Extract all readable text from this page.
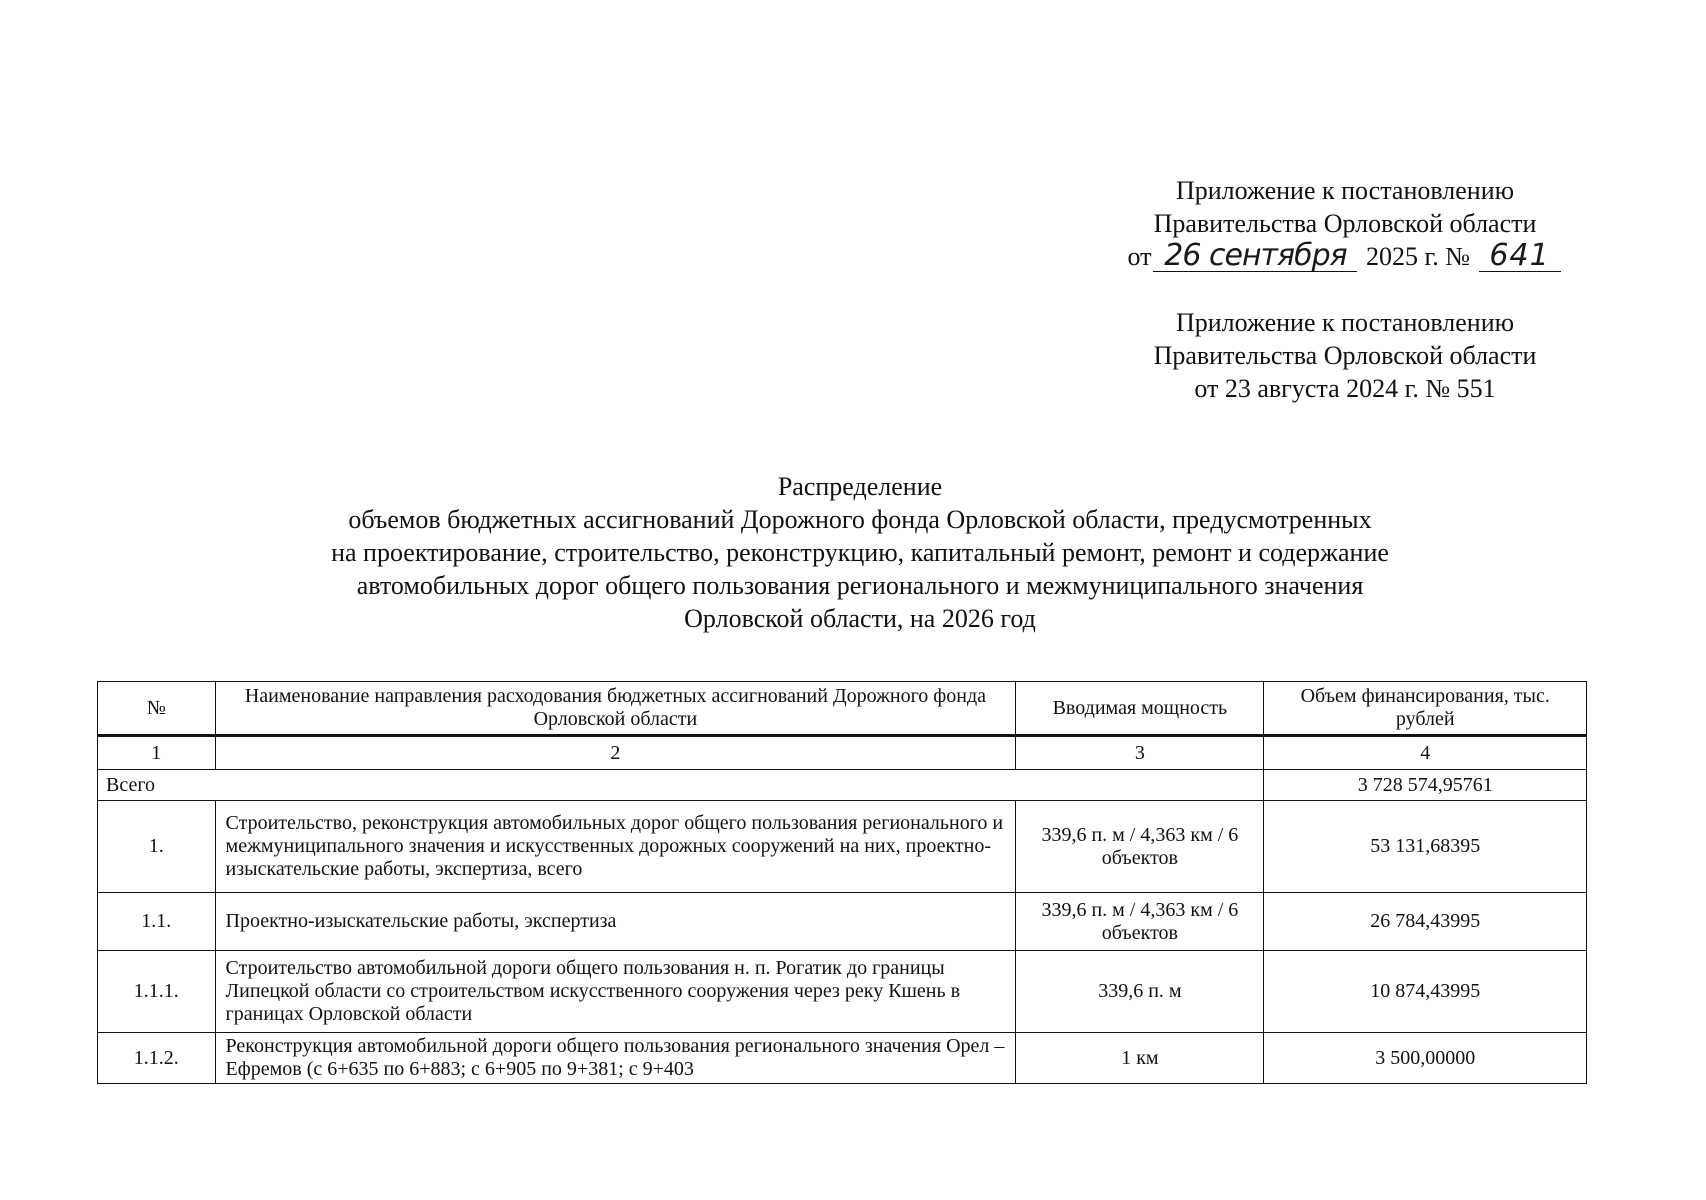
Приложение к постановлению
Правительства Орловской области
от 26 сентября 2025 г. № 641
Приложение к постановлению
Правительства Орловской области
от 23 августа 2024 г. № 551
Распределение
объемов бюджетных ассигнований Дорожного фонда Орловской области, предусмотренных
на проектирование, строительство, реконструкцию, капитальный ремонт, ремонт и содержание
автомобильных дорог общего пользования регионального и межмуниципального значения
Орловской области, на 2026 год
№	Наименование направления расходования бюджетных ассигнований Дорожного фонда Орловской области	Вводимая мощность	Объем финансирования, тыс. рублей
1	2	3	4
Всего			3 728 574,95761
1.	Строительство, реконструкция автомобильных дорог общего пользования регионального и межмуниципального значения и искусственных дорожных сооружений на них, проектно-изыскательские работы, экспертиза, всего	339,6 п. м / 4,363 км / 6 объектов	53 131,68395
1.1.	Проектно-изыскательские работы, экспертиза	339,6 п. м / 4,363 км / 6 объектов	26 784,43995
1.1.1.	Строительство автомобильной дороги общего пользования н. п. Рогатик до границы Липецкой области со строительством искусственного сооружения через реку Кшень в границах Орловской области	339,6 п. м	10 874,43995
1.1.2.	Реконструкция автомобильной дороги общего пользования регионального значения Орел – Ефремов (с 6+635 по 6+883; с 6+905 по 9+381; с 9+403	1 км	3 500,00000
